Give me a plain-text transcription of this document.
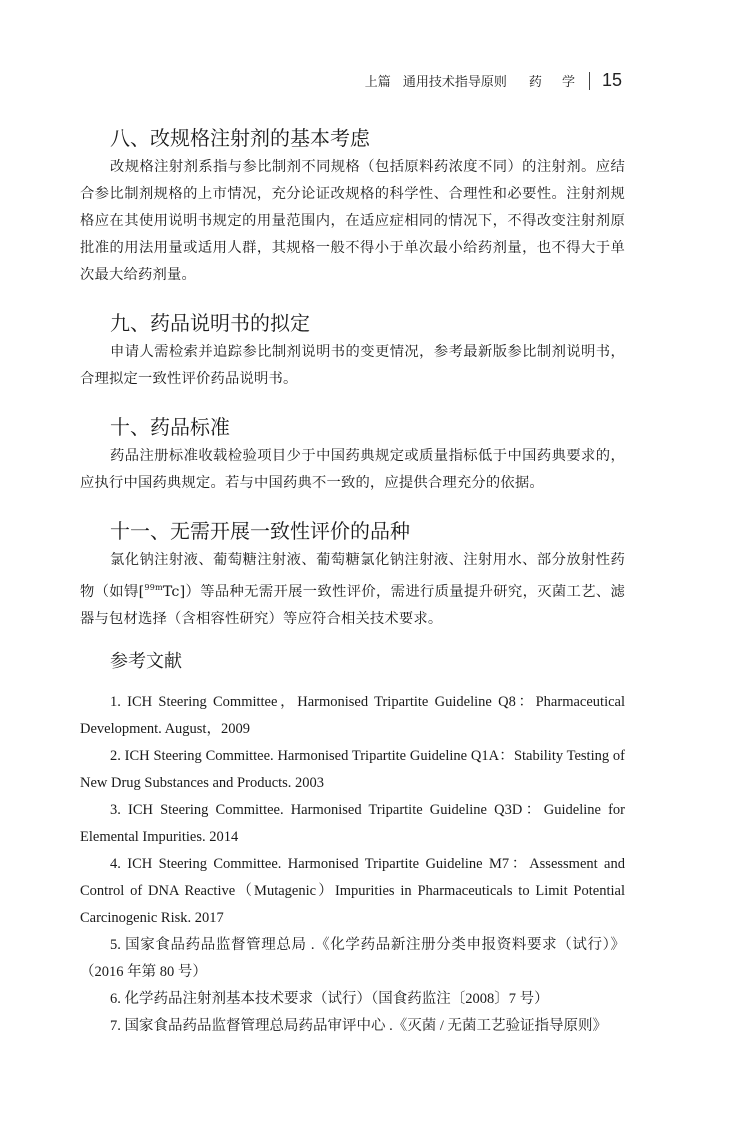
上篇 通用技术指导原则 药 学 15
八、改规格注射剂的基本考虑

改规格注射剂系指与参比制剂不同规格（包括原料药浓度不同）的注射剂。应结合参比制剂规格的上市情况，充分论证改规格的科学性、合理性和必要性。注射剂规格应在其使用说明书规定的用量范围内，在适应症相同的情况下，不得改变注射剂原批准的用法用量或适用人群，其规格一般不得小于单次最小给药剂量，也不得大于单次最大给药剂量。

九、药品说明书的拟定

申请人需检索并追踪参比制剂说明书的变更情况，参考最新版参比制剂说明书，合理拟定一致性评价药品说明书。

十、药品标准

药品注册标准收载检验项目少于中国药典规定或质量指标低于中国药典要求的，应执行中国药典规定。若与中国药典不一致的，应提供合理充分的依据。

十一、无需开展一致性评价的品种

氯化钠注射液、葡萄糖注射液、葡萄糖氯化钠注射液、注射用水、部分放射性药物（如锝[$^{99m}$Tc]）等品种无需开展一致性评价，需进行质量提升研究，灭菌工艺、滤器与包材选择（含相容性研究）等应符合相关技术要求。

参考文献

1. ICH Steering Committee，Harmonised Tripartite Guideline Q8：Pharmaceutical Development. August，2009

2. ICH Steering Committee. Harmonised Tripartite Guideline Q1A：Stability Testing of New Drug Substances and Products. 2003

3. ICH Steering Committee. Harmonised Tripartite Guideline Q3D：Guideline for Elemental Impurities. 2014

4. ICH Steering Committee. Harmonised Tripartite Guideline M7：Assessment and Control of DNA Reactive（Mutagenic）Impurities in Pharmaceuticals to Limit Potential Carcinogenic Risk. 2017

5. 国家食品药品监督管理总局 .《化学药品新注册分类申报资料要求（试行）》（2016 年第 80 号）

6. 化学药品注射剂基本技术要求（试行）（国食药监注〔2008〕7 号）

7. 国家食品药品监督管理总局药品审评中心 .《灭菌 / 无菌工艺验证指导原则》
